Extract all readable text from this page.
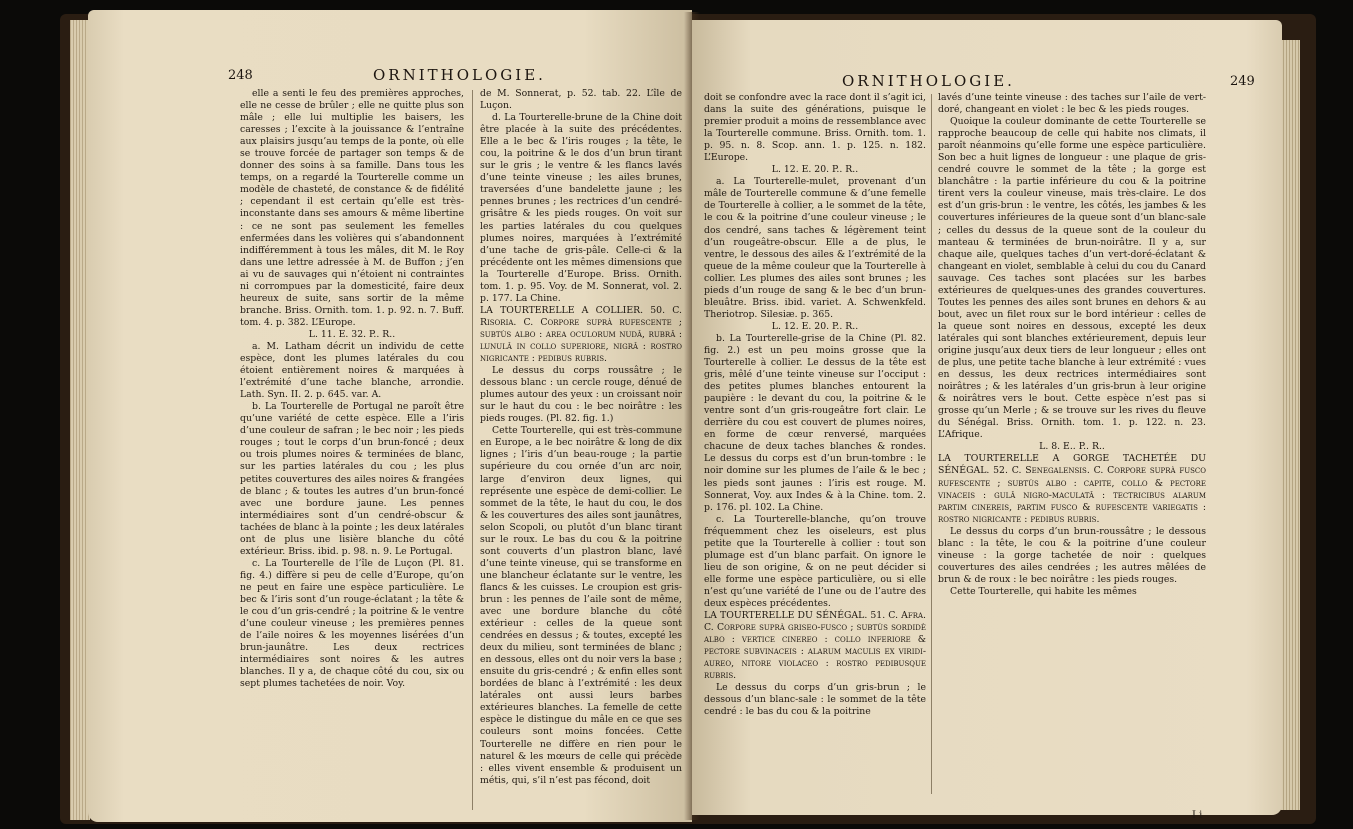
248	ORNITHOLOGIE.

elle a senti le feu des premières approches, elle ne cesse de brûler ; elle ne quitte plus son mâle ; elle lui multiplie les baisers, les caresses ; l’excite à la jouissance & l’entraîne aux plaisirs jusqu’au temps de la ponte, où elle se trouve forcée de partager son temps & de donner des soins à sa famille. Dans tous les temps, on a regardé la Tourterelle comme un modèle de chasteté, de constance & de fidélité ; cependant il est certain qu’elle est très-inconstante dans ses amours & même libertine : ce ne sont pas seulement les femelles enfermées dans les volières qui s’abandonnent indifféremment à tous les mâles, dit M. le Roy dans une lettre adressée à M. de Buffon ; j’en ai vu de sauvages qui n’étoient ni contraintes ni corrompues par la domesticité, faire deux heureux de suite, sans sortir de la même branche. Briss. Ornith. tom. 1. p. 92. n. 7. Buff. tom. 4. p. 382. L’Europe.

L. 11. E. 32. P.. R..

a. M. Latham décrit un individu de cette espèce, dont les plumes latérales du cou étoient entièrement noires & marquées à l’extrémité d’une tache blanche, arrondie. Lath. Syn. II. 2. p. 645. var. A.

b. La Tourterelle de Portugal ne paroît être qu’une variété de cette espèce. Elle a l’iris d’une couleur de safran ; le bec noir ; les pieds rouges ; tout le corps d’un brun-foncé ; deux ou trois plumes noires & terminées de blanc, sur les parties latérales du cou ; les plus petites couvertures des ailes noires & frangées de blanc ; & toutes les autres d’un brun-foncé avec une bordure jaune. Les pennes intermédiaires sont d’un cendré-obscur & tachées de blanc à la pointe ; les deux latérales ont de plus une lisière blanche du côté extérieur. Briss. ibid. p. 98. n. 9. Le Portugal.

c. La Tourterelle de l’île de Luçon (Pl. 81. fig. 4.) diffère si peu de celle d’Europe, qu’on ne peut en faire une espèce particulière. Le bec & l’iris sont d’un rouge-éclatant ; la tête & le cou d’un gris-cendré ; la poitrine & le ventre d’une couleur vineuse ; les premières pennes de l’aile noires & les moyennes lisérées d’un brun-jaunâtre. Les deux rectrices intermédiaires sont noires & les autres blanches. Il y a, de chaque côté du cou, six ou sept plumes tachetées de noir. Voy.

de M. Sonnerat, p. 52. tab. 22. L’île de Luçon.

d. La Tourterelle-brune de la Chine doit être placée à la suite des précédentes. Elle a le bec & l’iris rouges ; la tête, le cou, la poitrine & le dos d’un brun tirant sur le gris ; le ventre & les flancs lavés d’une teinte vineuse ; les ailes brunes, traversées d’une bandelette jaune ; les pennes brunes ; les rectrices d’un cendré-grisâtre & les pieds rouges. On voit sur les parties latérales du cou quelques plumes noires, marquées à l’extrémité d’une tache de gris-pâle. Celle-ci & la précédente ont les mêmes dimensions que la Tourterelle d’Europe. Briss. Ornith. tom. 1. p. 95. Voy. de M. Sonnerat, vol. 2. p. 177. La Chine.

LA TOURTERELLE A COLLIER. 50. C. Risoria. C. Corpore suprà rufescente ; subtùs albo : area oculorum nudâ, rubrâ : lunulâ in collo superiore, nigrâ : rostro nigricante : pedibus rubris.

Le dessus du corps roussâtre ; le dessous blanc : un cercle rouge, dénué de plumes autour des yeux : un croissant noir sur le haut du cou : le bec noirâtre : les pieds rouges. (Pl. 82. fig. 1.)

Cette Tourterelle, qui est très-commune en Europe, a le bec noirâtre & long de dix lignes ; l’iris d’un beau-rouge ; la partie supérieure du cou ornée d’un arc noir, large d’environ deux lignes, qui représente une espèce de demi-collier. Le sommet de la tête, le haut du cou, le dos & les couvertures des ailes sont jaunâtres, selon Scopoli, ou plutôt d’un blanc tirant sur le roux. Le bas du cou & la poitrine sont couverts d’un plastron blanc, lavé d’une teinte vineuse, qui se transforme en une blancheur éclatante sur le ventre, les flancs & les cuisses. Le croupion est gris-brun : les pennes de l’aile sont de même, avec une bordure blanche du côté extérieur : celles de la queue sont cendrées en dessus ; & toutes, excepté les deux du milieu, sont terminées de blanc ; en dessous, elles ont du noir vers la base ; ensuite du gris-cendré ; & enfin elles sont bordées de blanc à l’extrémité : les deux latérales ont aussi leurs barbes extérieures blanches. La femelle de cette espèce le distingue du mâle en ce que ses couleurs sont moins foncées. Cette Tourterelle ne diffère en rien pour le naturel & les mœurs de celle qui précède : elles vivent ensemble & produisent un métis, qui, s’il n’est pas fécond, doit

ORNITHOLOGIE.	249

doit se confondre avec la race dont il s’agit ici, dans la suite des générations, puisque le premier produit a moins de ressemblance avec la Tourterelle commune. Briss. Ornith. tom. 1. p. 95. n. 8. Scop. ann. 1. p. 125. n. 182. L’Europe.

L. 12. E. 20. P.. R..

a. La Tourterelle-mulet, provenant d’un mâle de Tourterelle commune & d’une femelle de Tourterelle à collier, a le sommet de la tête, le cou & la poitrine d’une couleur vineuse ; le dos cendré, sans taches & légèrement teint d’un rougeâtre-obscur. Elle a de plus, le ventre, le dessous des ailes & l’extrémité de la queue de la même couleur que la Tourterelle à collier. Les plumes des ailes sont brunes ; les pieds d’un rouge de sang & le bec d’un brun-bleuâtre. Briss. ibid. variet. A. Schwenkfeld. Theriotrop. Silesiæ. p. 365.

L. 12. E. 20. P.. R..

b. La Tourterelle-grise de la Chine (Pl. 82. fig. 2.) est un peu moins grosse que la Tourterelle à collier. Le dessus de la tête est gris, mêlé d’une teinte vineuse sur l’occiput : des petites plumes blanches entourent la paupière : le devant du cou, la poitrine & le ventre sont d’un gris-rougeâtre fort clair. Le derrière du cou est couvert de plumes noires, en forme de cœur renversé, marquées chacune de deux taches blanches & rondes. Le dessus du corps est d’un brun-tombre : le noir domine sur les plumes de l’aile & le bec ; les pieds sont jaunes : l’iris est rouge. M. Sonnerat, Voy. aux Indes & à la Chine. tom. 2. p. 176. pl. 102. La Chine.

c. La Tourterelle-blanche, qu’on trouve fréquemment chez les oiseleurs, est plus petite que la Tourterelle à collier : tout son plumage est d’un blanc parfait. On ignore le lieu de son origine, & on ne peut décider si elle forme une espèce particulière, ou si elle n’est qu’une variété de l’une ou de l’autre des deux espèces précédentes.

LA TOURTERELLE DU SÉNÉGAL. 51. C. Afra. C. Corpore suprà griseo-fusco ; subtùs sordidè albo : vertice cinereo : collo inferiore & pectore subvinaceis : alarum maculis ex viridi-aureo, nitore violaceo : rostro pedibusque rubris.

Le dessus du corps d’un gris-brun ; le dessous d’un blanc-sale : le sommet de la tête cendré : le bas du cou & la poitrine

lavés d’une teinte vineuse : des taches sur l’aile de vert-doré, changeant en violet : le bec & les pieds rouges.

Quoique la couleur dominante de cette Tourterelle se rapproche beaucoup de celle qui habite nos climats, il paroît néanmoins qu’elle forme une espèce particulière. Son bec a huit lignes de longueur : une plaque de gris-cendré couvre le sommet de la tête ; la gorge est blanchâtre : la partie inférieure du cou & la poitrine tirent vers la couleur vineuse, mais très-claire. Le dos est d’un gris-brun : le ventre, les côtés, les jambes & les couvertures inférieures de la queue sont d’un blanc-sale ; celles du dessus de la queue sont de la couleur du manteau & terminées de brun-noirâtre. Il y a, sur chaque aile, quelques taches d’un vert-doré-éclatant & changeant en violet, semblable à celui du cou du Canard sauvage. Ces taches sont placées sur les barbes extérieures de quelques-unes des grandes couvertures. Toutes les pennes des ailes sont brunes en dehors & au bout, avec un filet roux sur le bord intérieur : celles de la queue sont noires en dessous, excepté les deux latérales qui sont blanches extérieurement, depuis leur origine jusqu’aux deux tiers de leur longueur ; elles ont de plus, une petite tache blanche à leur extrémité : vues en dessus, les deux rectrices intermédiaires sont noirâtres ; & les latérales d’un gris-brun à leur origine & noirâtres vers le bout. Cette espèce n’est pas si grosse qu’un Merle ; & se trouve sur les rives du fleuve du Sénégal. Briss. Ornith. tom. 1. p. 122. n. 23. L’Afrique.

L. 8. E.. P.. R..

LA TOURTERELLE A GORGE TACHETÉE DU SÉNÉGAL. 52. C. Senegalensis. C. Corpore suprà fusco rufescente ; subtùs albo : capite, collo & pectore vinaceis : gulâ nigro-maculatâ : tectricibus alarum partim cinereis, partim fusco & rufescente variegatis : rostro nigricante : pedibus rubris.

Le dessus du corps d’un brun-roussâtre ; le dessous blanc : la tête, le cou & la poitrine d’une couleur vineuse : la gorge tachetée de noir : quelques couvertures des ailes cendrées ; les autres mêlées de brun & de roux : le bec noirâtre : les pieds rouges.

Cette Tourterelle, qui habite les mêmes

I i
